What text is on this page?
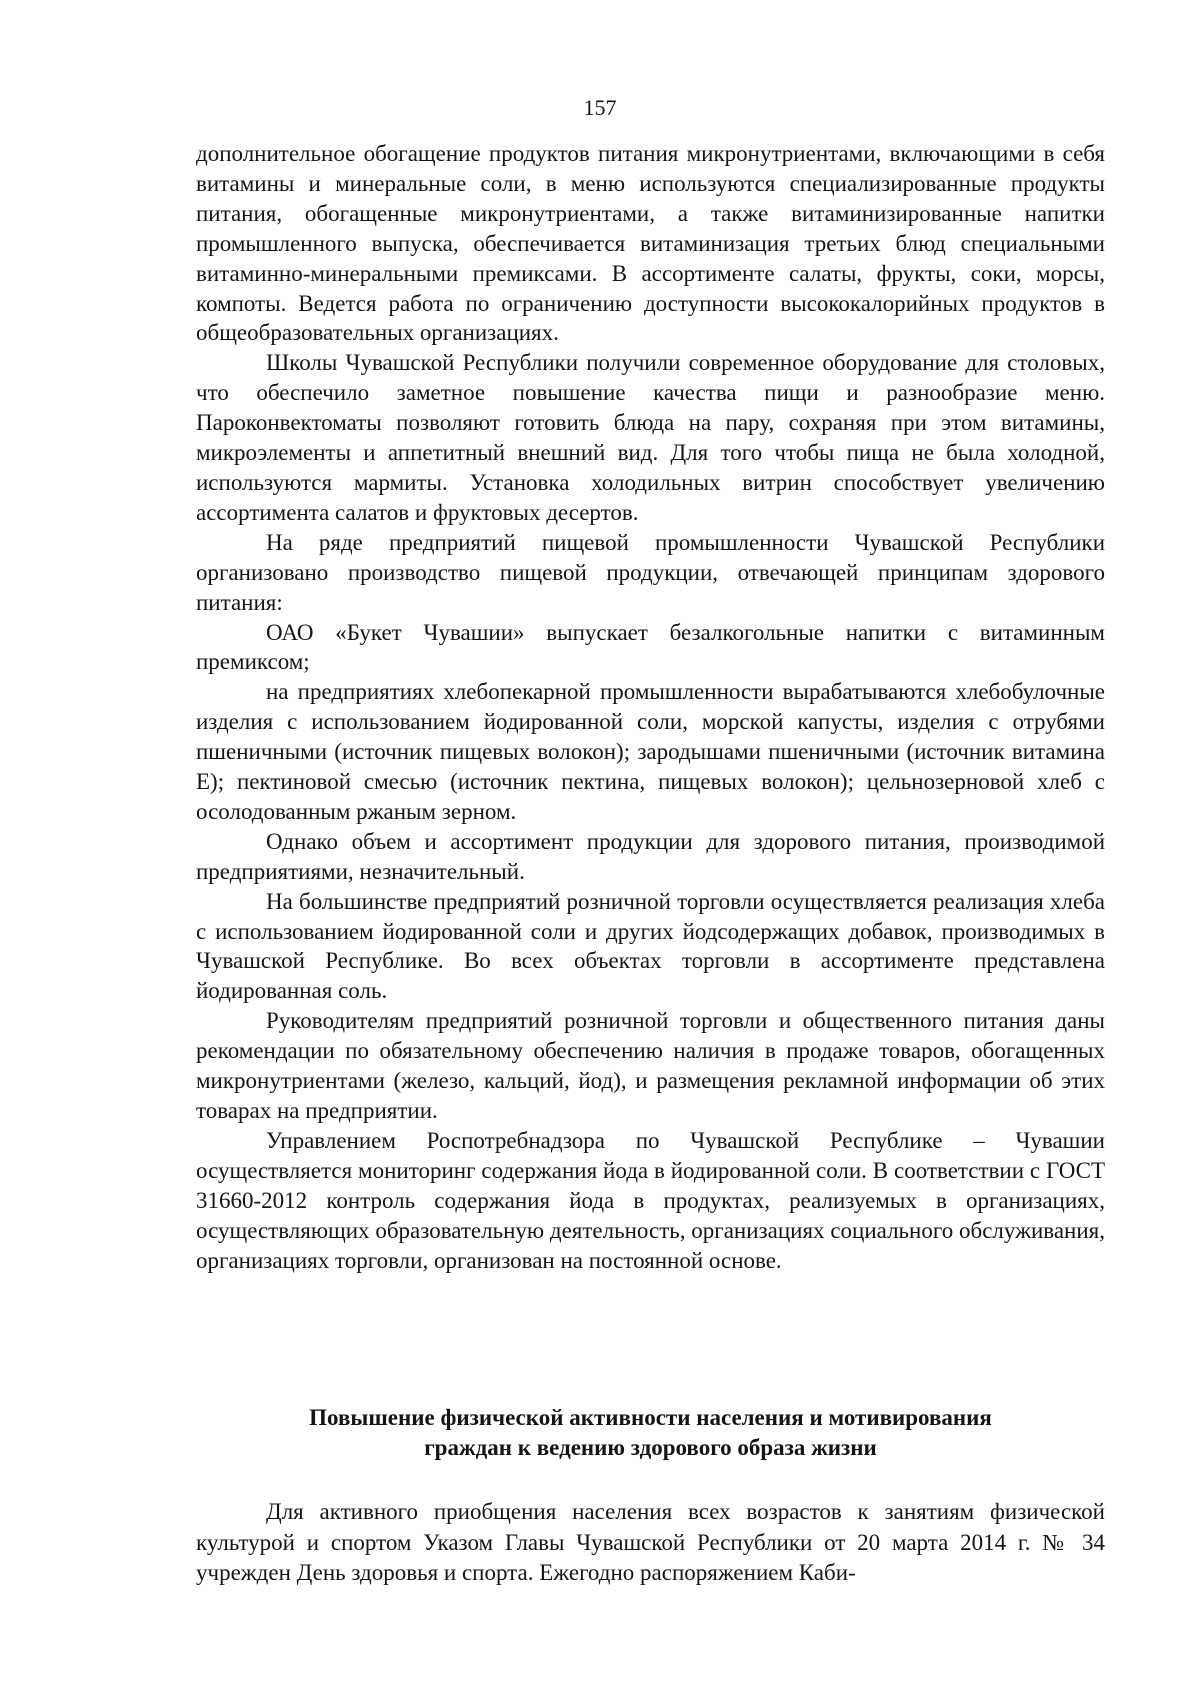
157

дополнительное обогащение продуктов питания микронутриентами, включающими в себя витамины и минеральные соли, в меню используются специализированные продукты питания, обогащенные микронутриентами, а также витаминизированные напитки промышленного выпуска, обеспечивается витаминизация третьих блюд специальными витаминно-минеральными премиксами. В ассортименте салаты, фрукты, соки, морсы, компоты. Ведется работа по ограничению доступности высококалорийных продуктов в общеобразовательных организациях.

Школы Чувашской Республики получили современное оборудование для столовых, что обеспечило заметное повышение качества пищи и разнообразие меню. Пароконвектоматы позволяют готовить блюда на пару, сохраняя при этом витамины, микроэлементы и аппетитный внешний вид. Для того чтобы пища не была холодной, используются мармиты. Установка холодильных витрин способствует увеличению ассортимента салатов и фруктовых десертов.

На ряде предприятий пищевой промышленности Чувашской Республики организовано производство пищевой продукции, отвечающей принципам здорового питания:

ОАО «Букет Чувашии» выпускает безалкогольные напитки с витаминным премиксом;

на предприятиях хлебопекарной промышленности вырабатываются хлебобулочные изделия с использованием йодированной соли, морской капусты, изделия с отрубями пшеничными (источник пищевых волокон); зародышами пшеничными (источник витамина Е); пектиновой смесью (источник пектина, пищевых волокон); цельнозерновой хлеб с осолодованным ржаным зерном.

Однако объем и ассортимент продукции для здорового питания, производимой предприятиями, незначительный.

На большинстве предприятий розничной торговли осуществляется реализация хлеба с использованием йодированной соли и других йодсодержащих добавок, производимых в Чувашской Республике. Во всех объектах торговли в ассортименте представлена йодированная соль.

Руководителям предприятий розничной торговли и общественного питания даны рекомендации по обязательному обеспечению наличия в продаже товаров, обогащенных микронутриентами (железо, кальций, йод), и размещения рекламной информации об этих товарах на предприятии.

Управлением Роспотребнадзора по Чувашской Республике – Чувашии осуществляется мониторинг содержания йода в йодированной соли. В соответствии с ГОСТ 31660-2012 контроль содержания йода в продуктах, реализуемых в организациях, осуществляющих образовательную деятельность, организациях социального обслуживания, организациях торговли, организован на постоянной основе.

Повышение физической активности населения и мотивирования
граждан к ведению здорового образа жизни

Для активного приобщения населения всех возрастов к занятиям физической культурой и спортом Указом Главы Чувашской Республики от 20 марта 2014 г. № 34 учрежден День здоровья и спорта. Ежегодно распоряжением Каби-
